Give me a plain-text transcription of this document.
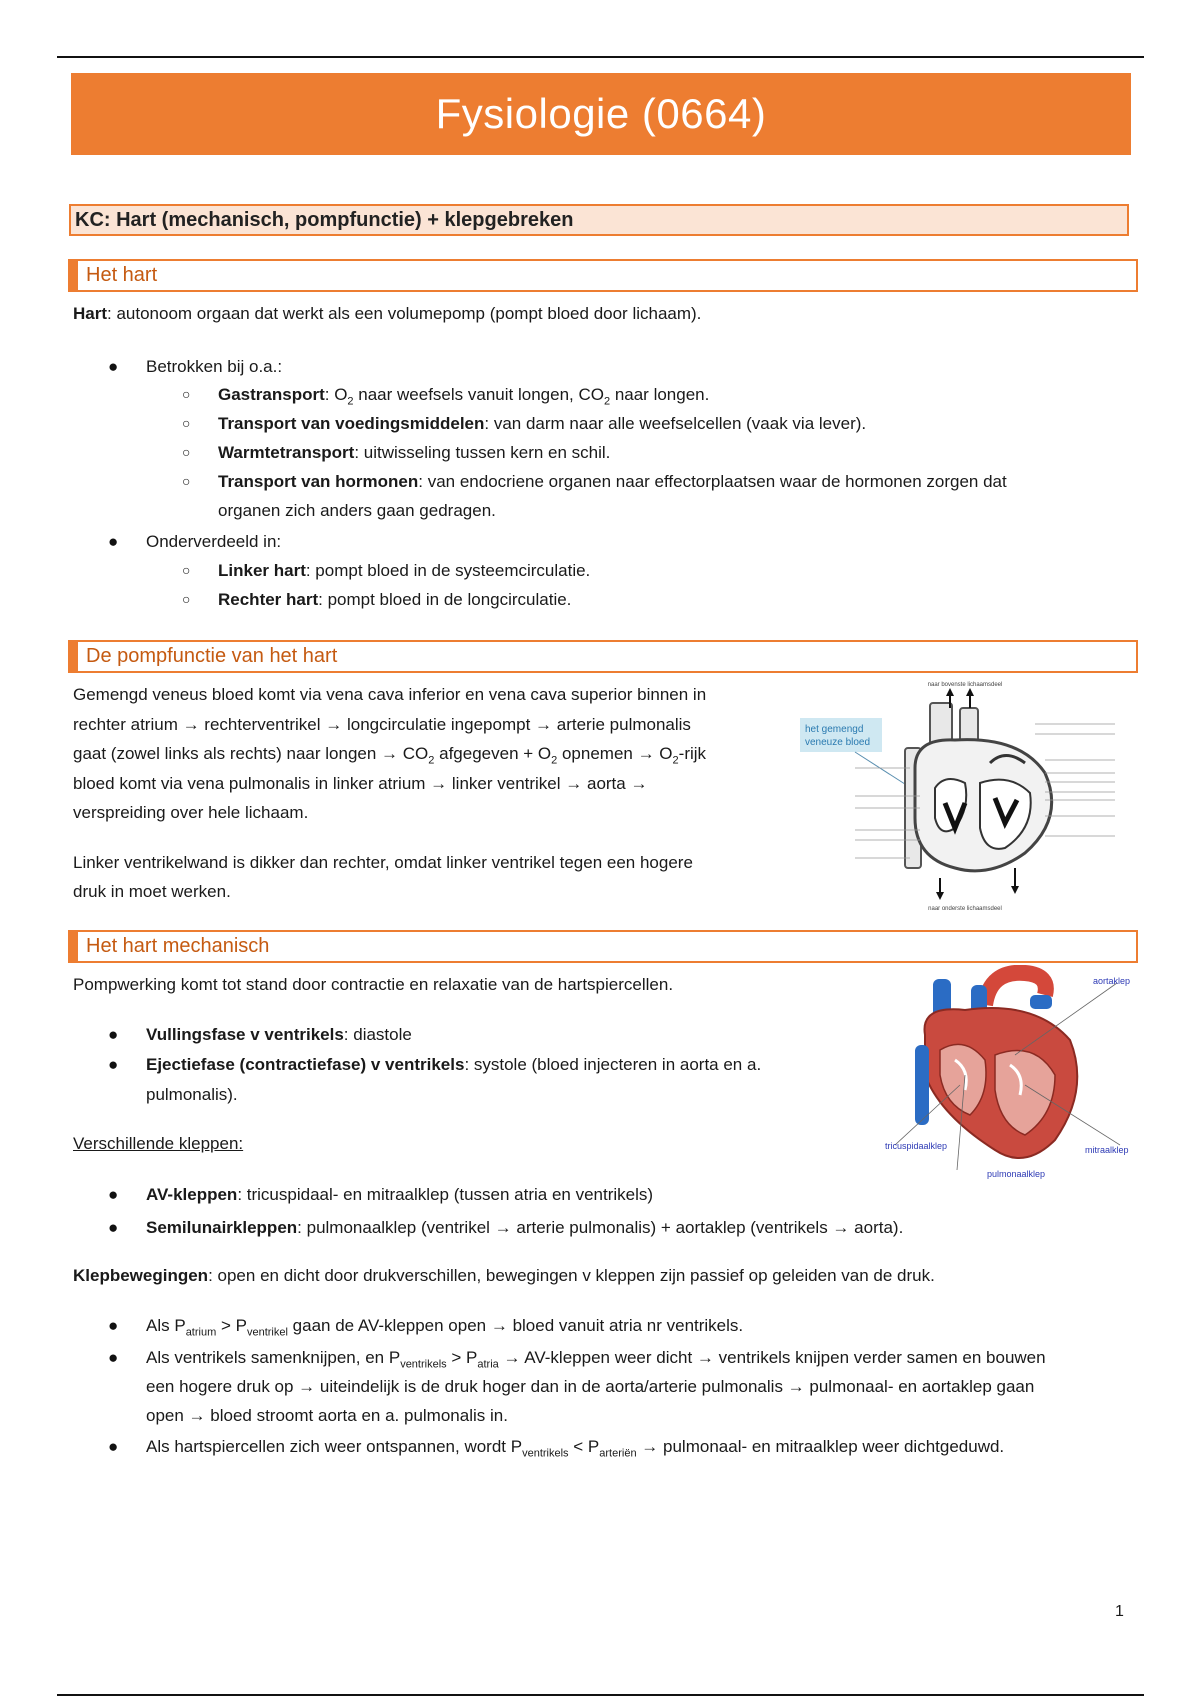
Fysiologie (0664)
KC: Hart (mechanisch, pompfunctie) + klepgebreken
Het hart
Hart: autonoom orgaan dat werkt als een volumepomp (pompt bloed door lichaam).
● Betrokken bij o.a.:
○ Gastransport: $O_2$ naar weefsels vanuit longen, $CO_2$ naar longen.
○ Transport van voedingsmiddelen: van darm naar alle weefselcellen (vaak via lever).
○ Warmtetransport: uitwisseling tussen kern en schil.
○ Transport van hormonen: van endocriene organen naar effectorplaatsen waar de hormonen zorgen dat
organen zich anders gaan gedragen.
● Onderverdeeld in:
○ Linker hart: pompt bloed in de systeemcirculatie.
○ Rechter hart: pompt bloed in de longcirculatie.
De pompfunctie van het hart
Gemengd veneus bloed komt via vena cava inferior en vena cava superior binnen in
rechter atrium → rechterventrikel → longcirculatie ingepompt → arterie pulmonalis
gaat (zowel links als rechts) naar longen → $CO_2$ afgegeven + $O_2$ opnemen → $O_2$-rijk
bloed komt via vena pulmonalis in linker atrium → linker ventrikel → aorta →
verspreiding over hele lichaam.
Linker ventrikelwand is dikker dan rechter, omdat linker ventrikel tegen een hogere
druk in moet werken.
naar bovenste lichaamsdeel
het gemengd
veneuze bloed
naar onderste lichaamsdeel
Het hart mechanisch
Pompwerking komt tot stand door contractie en relaxatie van de hartspiercellen.
● Vullingsfase v ventrikels: diastole
● Ejectiefase (contractiefase) v ventrikels: systole (bloed injecteren in aorta en a.
pulmonalis).
Verschillende kleppen:
● AV-kleppen: tricuspidaal- en mitraalklep (tussen atria en ventrikels)
● Semilunairkleppen: pulmonaalklep (ventrikel → arterie pulmonalis) + aortaklep (ventrikels → aorta).
Klepbewegingen: open en dicht door drukverschillen, bewegingen v kleppen zijn passief op geleiden van de druk.
● Als $P_{atrium} > P_{ventrikel}$ gaan de AV-kleppen open → bloed vanuit atria nr ventrikels.
● Als ventrikels samenknijpen, en $P_{ventrikels} > P_{atria}$ → AV-kleppen weer dicht → ventrikels knijpen verder samen en bouwen
een hogere druk op → uiteindelijk is de druk hoger dan in de aorta/arterie pulmonalis → pulmonaal- en aortaklep gaan
open → bloed stroomt aorta en a. pulmonalis in.
● Als hartspiercellen zich weer ontspannen, wordt $P_{ventrikels} < P_{arteriën}$ → pulmonaal- en mitraalklep weer dichtgeduwd.
aortaklep
tricuspidaalklep	mitraalklep
pulmonaalklep
1
